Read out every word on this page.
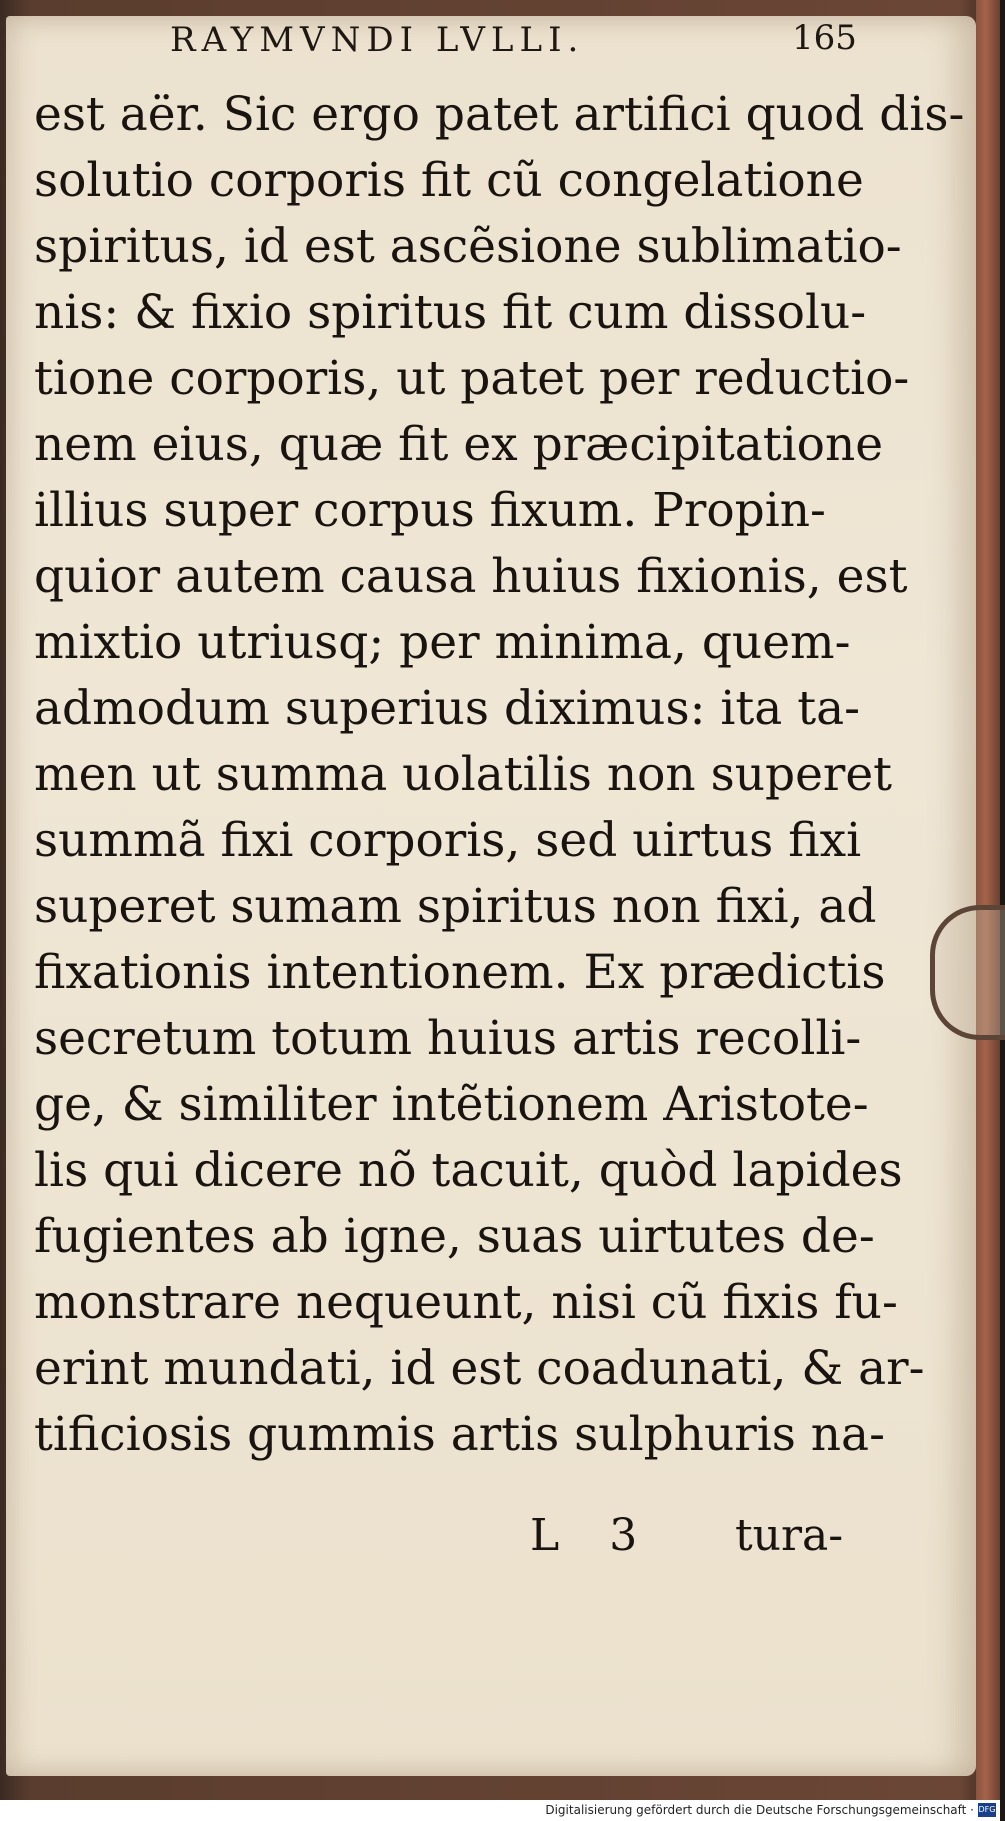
RAYMVNDI LVLLI.	165
est aër. Sic ergo patet artifici quod dis-
solutio corporis fit cũ congelatione
spiritus, id est ascẽsione sublimatio-
nis: & fixio spiritus fit cum dissolu-
tione corporis, ut patet per reductio-
nem eius, quæ fit ex præcipitatione
illius super corpus fixum. Propin-
quior autem causa huius fixionis, est
mixtio utriusq; per minima, quem-
admodum superius diximus: ita ta-
men ut summa uolatilis non superet
summã fixi corporis, sed uirtus fixi
superet sumam spiritus non fixi, ad
fixationis intentionem. Ex prædictis
secretum totum huius artis recolli-
ge, & similiter intẽtionem Aristote-
lis qui dicere nõ tacuit, quòd lapides
fugientes ab igne, suas uirtutes de-
monstrare nequeunt, nisi cũ fixis fu-
erint mundati, id est coadunati, & ar-
tificiosis gummis artis sulphuris na-
L 3 tura-
Digitalisierung gefördert durch die Deutsche Forschungsgemeinschaft · DFG
